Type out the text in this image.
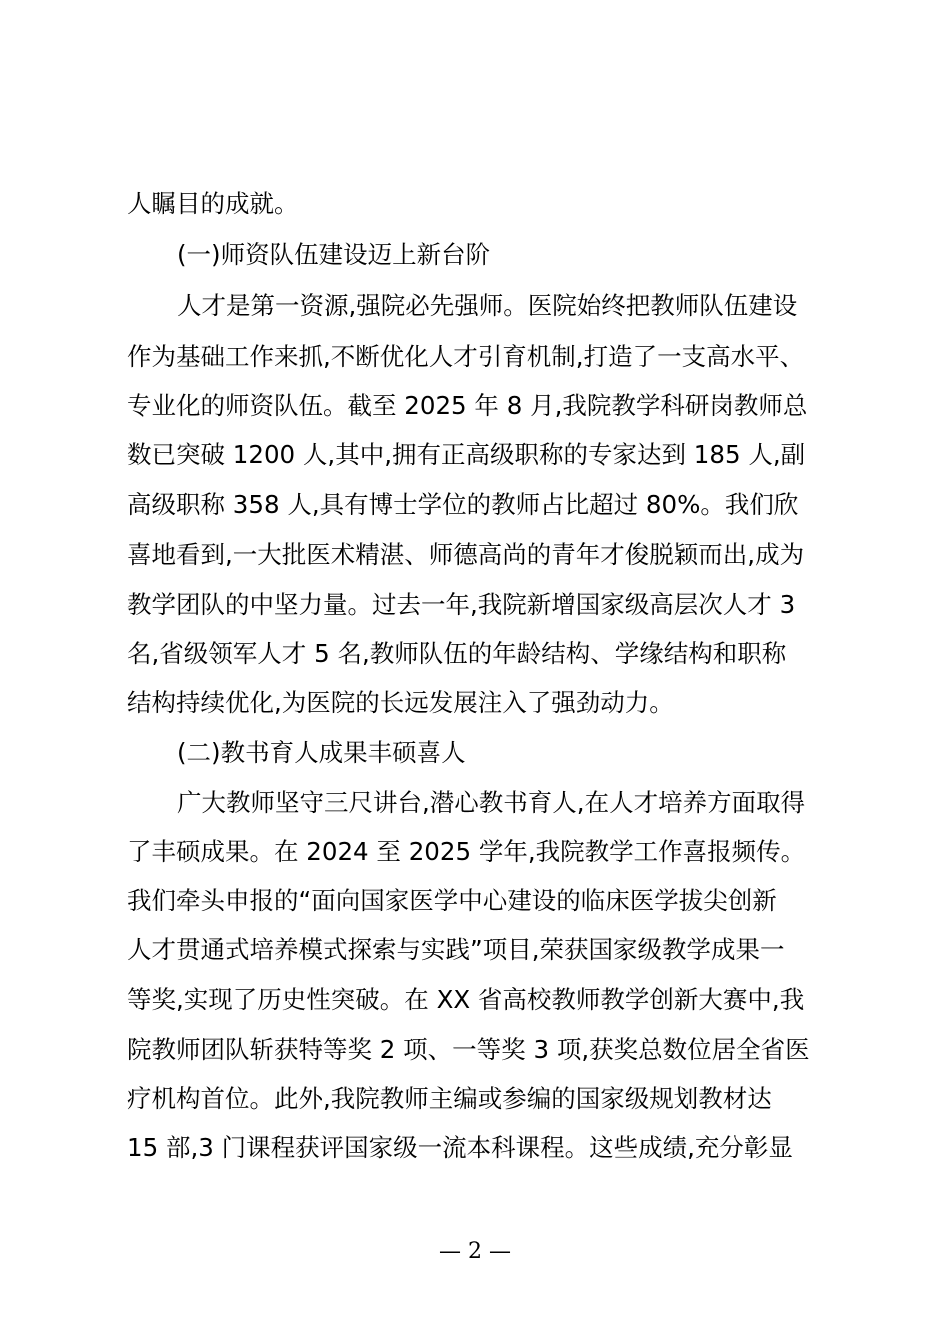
人瞩目的成就。
(一)师资队伍建设迈上新台阶
人才是第一资源,强院必先强师。医院始终把教师队伍建设
作为基础工作来抓,不断优化人才引育机制,打造了一支高水平、
专业化的师资队伍。截至 2025 年 8 月,我院教学科研岗教师总
数已突破 1200 人,其中,拥有正高级职称的专家达到 185 人,副
高级职称 358 人,具有博士学位的教师占比超过 80%。我们欣
喜地看到,一大批医术精湛、师德高尚的青年才俊脱颖而出,成为
教学团队的中坚力量。过去一年,我院新增国家级高层次人才 3
名,省级领军人才 5 名,教师队伍的年龄结构、学缘结构和职称
结构持续优化,为医院的长远发展注入了强劲动力。
(二)教书育人成果丰硕喜人
广大教师坚守三尺讲台,潜心教书育人,在人才培养方面取得
了丰硕成果。在 2024 至 2025 学年,我院教学工作喜报频传。
我们牵头申报的“面向国家医学中心建设的临床医学拔尖创新
人才贯通式培养模式探索与实践”项目,荣获国家级教学成果一
等奖,实现了历史性突破。在 XX 省高校教师教学创新大赛中,我
院教师团队斩获特等奖 2 项、一等奖 3 项,获奖总数位居全省医
疗机构首位。此外,我院教师主编或参编的国家级规划教材达
15 部,3 门课程获评国家级一流本科课程。这些成绩,充分彰显
— 2 —
